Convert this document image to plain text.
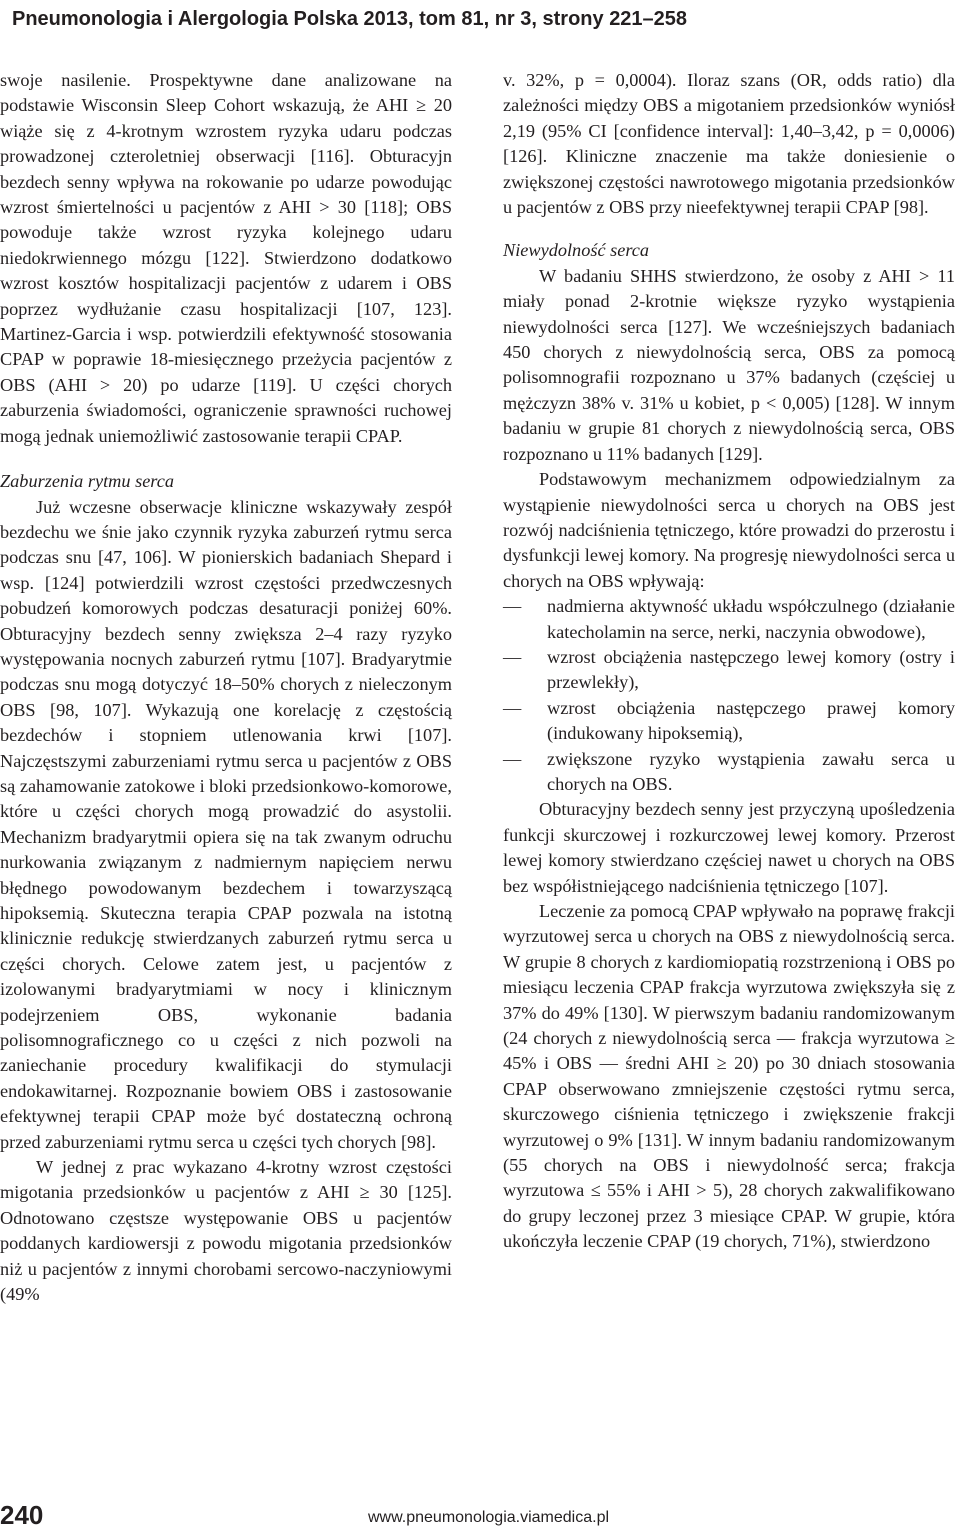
Pneumonologia i Alergologia Polska 2013, tom 81, nr 3, strony 221–258

swoje nasilenie. Prospektywne dane analizowane na podstawie Wisconsin Sleep Cohort wskazują, że AHI ≥ 20 wiąże się z 4-krotnym wzrostem ryzyka udaru podczas prowadzonej czteroletniej obserwacji [116]. Obturacyjn bezdech senny wpływa na rokowanie po udarze powodując wzrost śmiertelności u pacjentów z AHI > 30 [118]; OBS powoduje także wzrost ryzyka kolejnego udaru niedokrwiennego mózgu [122]. Stwierdzono dodatkowo wzrost kosztów hospitalizacji pacjentów z udarem i OBS poprzez wydłużanie czasu hospitalizacji [107, 123]. Martinez-Garcia i wsp. potwierdzili efektywność stosowania CPAP w poprawie 18-miesięcznego przeżycia pacjentów z OBS (AHI > 20) po udarze [119]. U części chorych zaburzenia świadomości, ograniczenie sprawności ruchowej mogą jednak uniemożliwić zastosowanie terapii CPAP.

Zaburzenia rytmu serca

Już wczesne obserwacje kliniczne wskazywały zespół bezdechu we śnie jako czynnik ryzyka zaburzeń rytmu serca podczas snu [47, 106]. W pionierskich badaniach Shepard i wsp. [124] potwierdzili wzrost częstości przedwczesnych pobudzeń komorowych podczas desaturacji poniżej 60%. Obturacyjny bezdech senny zwiększa 2–4 razy ryzyko występowania nocnych zaburzeń rytmu [107]. Bradyarytmie podczas snu mogą dotyczyć 18–50% chorych z nieleczonym OBS [98, 107]. Wykazują one korelację z częstością bezdechów i stopniem utlenowania krwi [107]. Najczęstszymi zaburzeniami rytmu serca u pacjentów z OBS są zahamowanie zatokowe i bloki przedsionkowo-komorowe, które u części chorych mogą prowadzić do asystolii. Mechanizm bradyarytmii opiera się na tak zwanym odruchu nurkowania związanym z nadmiernym napięciem nerwu błędnego powodowanym bezdechem i towarzyszącą hipoksemią. Skuteczna terapia CPAP pozwala na istotną klinicznie redukcję stwierdzanych zaburzeń rytmu serca u części chorych. Celowe zatem jest, u pacjentów z izolowanymi bradyarytmiami w nocy i klinicznym podejrzeniem OBS, wykonanie badania polisomnograficznego co u części z nich pozwoli na zaniechanie procedury kwalifikacji do stymulacji endokawitarnej. Rozpoznanie bowiem OBS i zastosowanie efektywnej terapii CPAP może być dostateczną ochroną przed zaburzeniami rytmu serca u części tych chorych [98].

W jednej z prac wykazano 4-krotny wzrost częstości migotania przedsionków u pacjentów z AHI ≥ 30 [125]. Odnotowano częstsze występowanie OBS u pacjentów poddanych kardiowersji z powodu migotania przedsionków niż u pacjentów z innymi chorobami sercowo-naczyniowymi (49%

v. 32%, p = 0,0004). Iloraz szans (OR, odds ratio) dla zależności między OBS a migotaniem przedsionków wyniósł 2,19 (95% CI [confidence interval]: 1,40–3,42, p = 0,0006) [126]. Kliniczne znaczenie ma także doniesienie o zwiększonej częstości nawrotowego migotania przedsionków u pacjentów z OBS przy nieefektywnej terapii CPAP [98].

Niewydolność serca

W badaniu SHHS stwierdzono, że osoby z AHI > 11 miały ponad 2-krotnie większe ryzyko wystąpienia niewydolności serca [127]. We wcześniejszych badaniach 450 chorych z niewydolnością serca, OBS za pomocą polisomnografii rozpoznano u 37% badanych (częściej u mężczyzn 38% v. 31% u kobiet, p < 0,005) [128]. W innym badaniu w grupie 81 chorych z niewydolnością serca, OBS rozpoznano u 11% badanych [129].

Podstawowym mechanizmem odpowiedzialnym za wystąpienie niewydolności serca u chorych na OBS jest rozwój nadciśnienia tętniczego, które prowadzi do przerostu i dysfunkcji lewej komory. Na progresję niewydolności serca u chorych na OBS wpływają:

— nadmierna aktywność układu współczulnego (działanie katecholamin na serce, nerki, naczynia obwodowe),
— wzrost obciążenia następczego lewej komory (ostry i przewlekły),
— wzrost obciążenia następczego prawej komory (indukowany hipoksemią),
— zwiększone ryzyko wystąpienia zawału serca u chorych na OBS.

Obturacyjny bezdech senny jest przyczyną upośledzenia funkcji skurczowej i rozkurczowej lewej komory. Przerost lewej komory stwierdzano częściej nawet u chorych na OBS bez współistniejącego nadciśnienia tętniczego [107].

Leczenie za pomocą CPAP wpływało na poprawę frakcji wyrzutowej serca u chorych na OBS z niewydolnością serca. W grupie 8 chorych z kardiomiopatią rozstrzenioną i OBS po miesiącu leczenia CPAP frakcja wyrzutowa zwiększyła się z 37% do 49% [130]. W pierwszym badaniu randomizowanym (24 chorych z niewydolnością serca — frakcja wyrzutowa ≥ 45% i OBS — średni AHI ≥ 20) po 30 dniach stosowania CPAP obserwowano zmniejszenie częstości rytmu serca, skurczowego ciśnienia tętniczego i zwiększenie frakcji wyrzutowej o 9% [131]. W innym badaniu randomizowanym (55 chorych na OBS i niewydolność serca; frakcja wyrzutowa ≤ 55% i AHI > 5), 28 chorych zakwalifikowano do grupy leczonej przez 3 miesiące CPAP. W grupie, która ukończyła leczenie CPAP (19 chorych, 71%), stwierdzono

240	www.pneumonologia.viamedica.pl
